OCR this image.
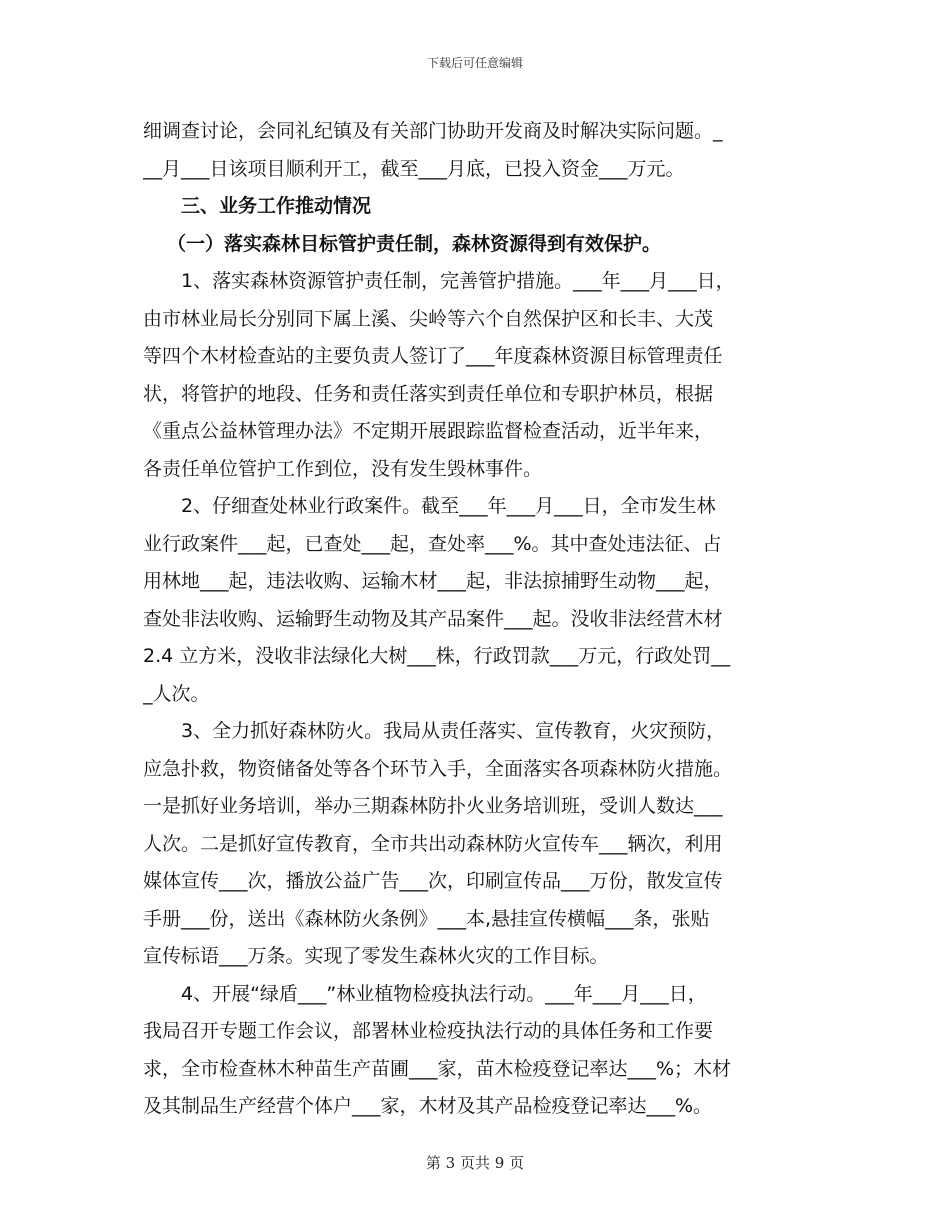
下载后可任意编辑
细调查讨论，会同礼纪镇及有关部门协助开发商及时解决实际问题。_
__月___日该项目顺利开工，截至___月底，已投入资金___万元。
三、业务工作推动情况
（一）落实森林目标管护责任制，森林资源得到有效保护。
1、落实森林资源管护责任制，完善管护措施。___年___月___日，
由市林业局长分别同下属上溪、尖岭等六个自然保护区和长丰、大茂
等四个木材检查站的主要负责人签订了___年度森林资源目标管理责任
状，将管护的地段、任务和责任落实到责任单位和专职护林员，根据
《重点公益林管理办法》不定期开展跟踪监督检查活动，近半年来，
各责任单位管护工作到位，没有发生毁林事件。
2、仔细查处林业行政案件。截至___年___月___日，全市发生林
业行政案件___起，已查处___起，查处率___%。其中查处违法征、占
用林地___起，违法收购、运输木材___起，非法掠捕野生动物___起，
查处非法收购、运输野生动物及其产品案件___起。没收非法经营木材
2.4 立方米，没收非法绿化大树___株，行政罚款___万元，行政处罚__
_人次。
3、全力抓好森林防火。我局从责任落实、宣传教育，火灾预防，
应急扑救，物资储备处等各个环节入手，全面落实各项森林防火措施。
一是抓好业务培训，举办三期森林防扑火业务培训班，受训人数达___
人次。二是抓好宣传教育，全市共出动森林防火宣传车___辆次，利用
媒体宣传___次，播放公益广告___次，印刷宣传品___万份，散发宣传
手册___份，送出《森林防火条例》___本,悬挂宣传横幅___条，张贴
宣传标语___万条。实现了零发生森林火灾的工作目标。
4、开展“绿盾___”林业植物检疫执法行动。___年___月___日，
我局召开专题工作会议，部署林业检疫执法行动的具体任务和工作要
求，全市检查林木种苗生产苗圃___家，苗木检疫登记率达___%；木材
及其制品生产经营个体户___家，木材及其产品检疫登记率达___%。
第 3 页共 9 页
